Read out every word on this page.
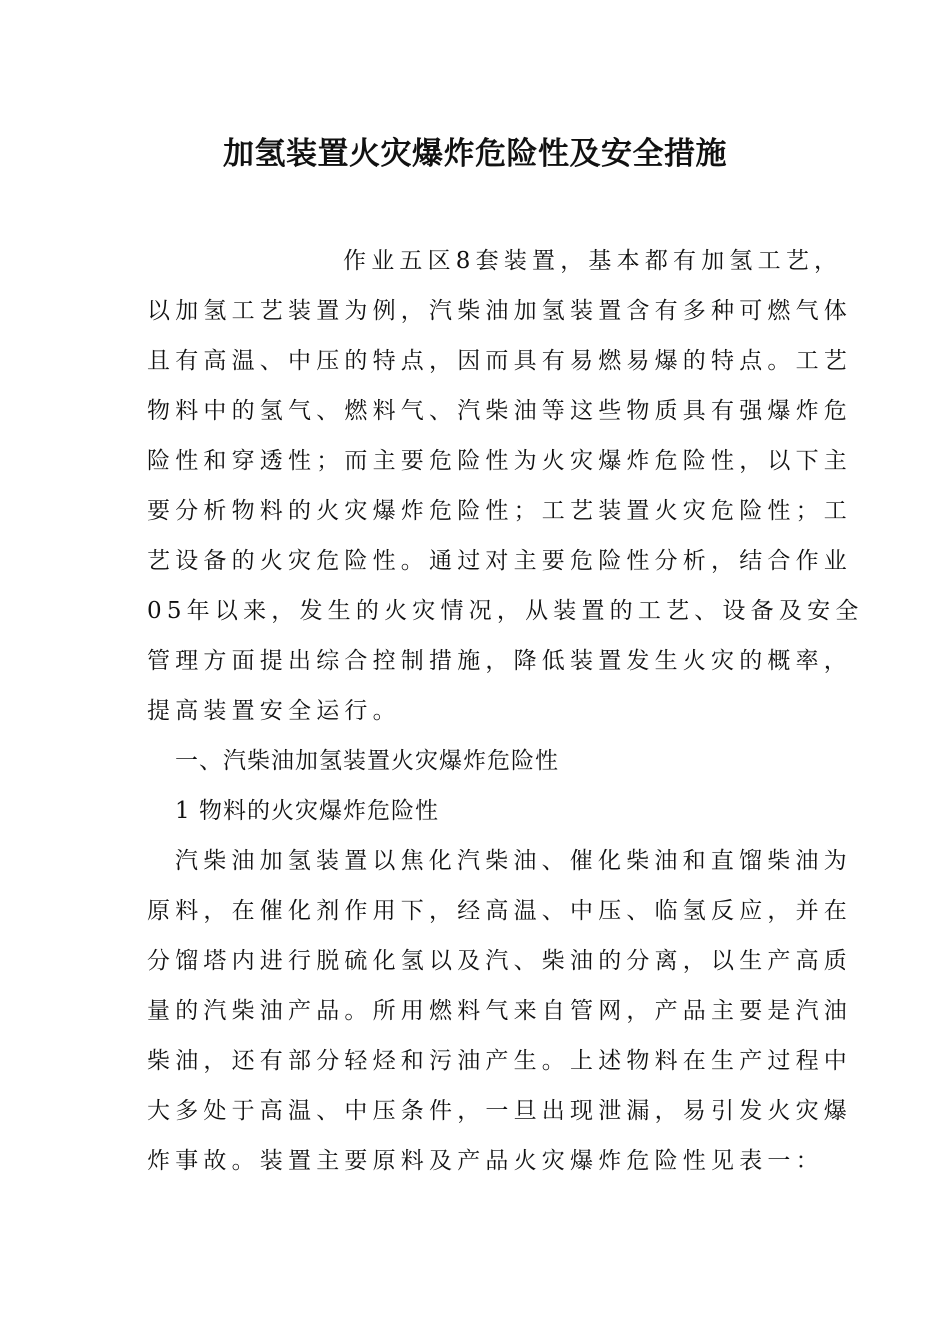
加氢装置火灾爆炸危险性及安全措施
作业五区8套装置，基本都有加氢工艺，
以加氢工艺装置为例，汽柴油加氢装置含有多种可燃气体
且有高温、中压的特点，因而具有易燃易爆的特点。工艺
物料中的氢气、燃料气、汽柴油等这些物质具有强爆炸危
险性和穿透性；而主要危险性为火灾爆炸危险性，以下主
要分析物料的火灾爆炸危险性；工艺装置火灾危险性；工
艺设备的火灾危险性。通过对主要危险性分析，结合作业
05年以来，发生的火灾情况，从装置的工艺、设备及安全
管理方面提出综合控制措施，降低装置发生火灾的概率，
提高装置安全运行。
一、汽柴油加氢装置火灾爆炸危险性
1 物料的火灾爆炸危险性
汽柴油加氢装置以焦化汽柴油、催化柴油和直馏柴油为
原料，在催化剂作用下，经高温、中压、临氢反应，并在
分馏塔内进行脱硫化氢以及汽、柴油的分离，以生产高质
量的汽柴油产品。所用燃料气来自管网，产品主要是汽油
柴油，还有部分轻烃和污油产生。上述物料在生产过程中
大多处于高温、中压条件，一旦出现泄漏，易引发火灾爆
炸事故。装置主要原料及产品火灾爆炸危险性见表一：
